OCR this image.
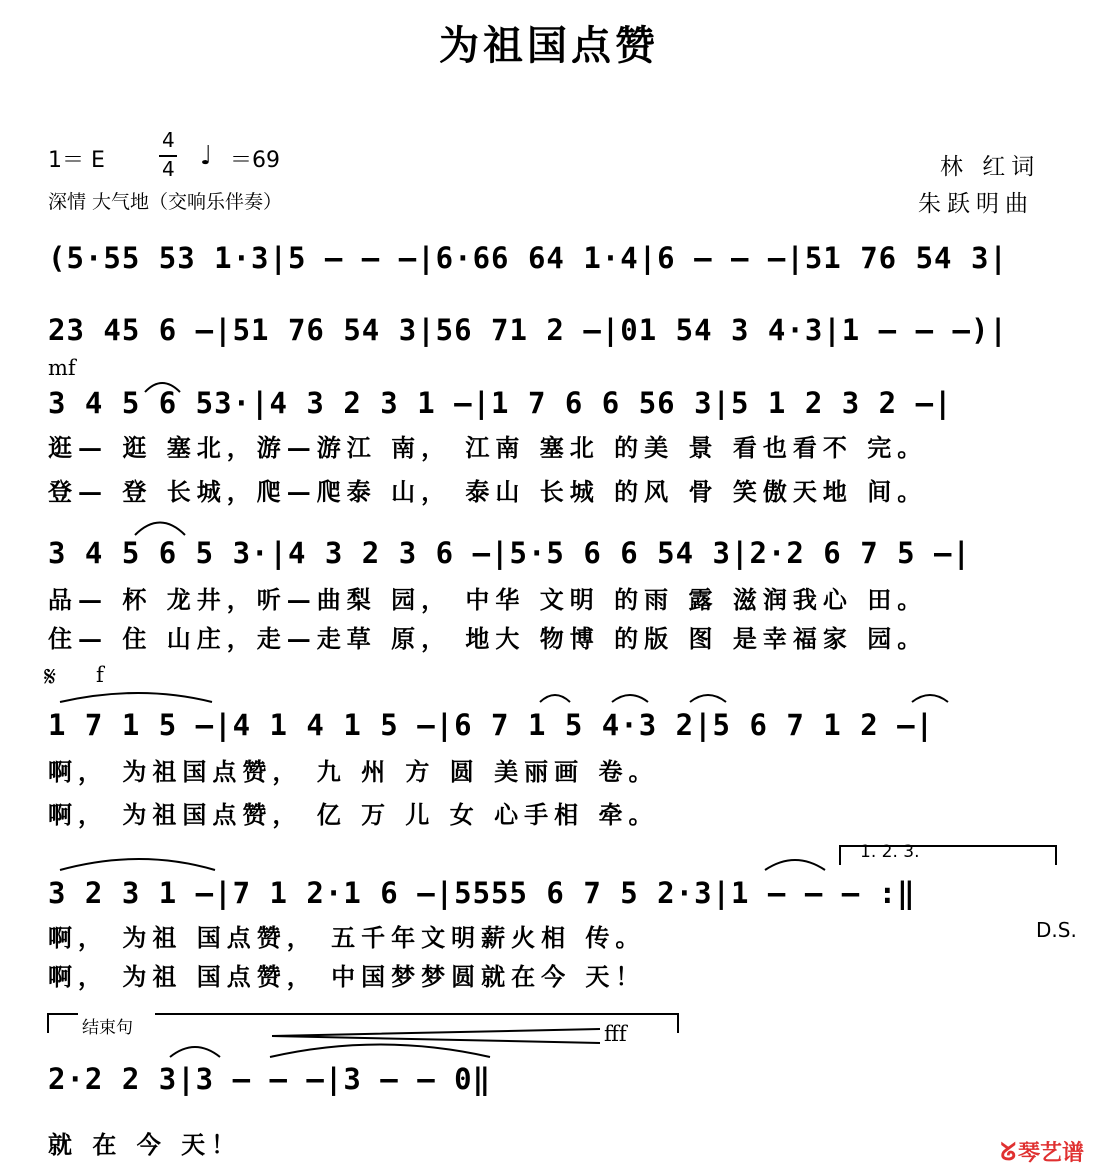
为祖国点赞
1＝ E
4
4 ♩ ＝69
深情 大气地（交响乐伴奏）
林 红词
朱跃明曲
(5·55 53 1·3|5 – – –|6·66 64 1·4|6 – – –|51 76 54 3|
23 45 6 –|51 76 54 3|56 71 2 –|01 54 3 4·3|1 – – –)|
mf
3 4 5 6 53·|4 3 2 3 1 –|1 7 6 6 56 3|5 1 2 3 2 –|
逛— 逛 塞北，游—游江 南， 江南 塞北 的美 景 看也看不 完。
登— 登 长城，爬—爬泰 山， 泰山 长城 的风 骨 笑傲天地 间。
3 4 5 6 5 3·|4 3 2 3 6 –|5·5 6 6 54 3|2·2 6 7 5 –|
品— 杯 龙井，听—曲梨 园， 中华 文明 的雨 露 滋润我心 田。
住— 住 山庄，走—走草 原， 地大 物博 的版 图 是幸福家 园。
𝄋 f
1 7 1 5 –|4 1 4 1 5 –|6 7 1 5 4·3 2|5 6 7 1 2 –|
啊， 为祖国点赞， 九 州 方 圆 美丽画 卷。
啊， 为祖国点赞， 亿 万 儿 女 心手相 牵。
1. 2. 3.
3 2 3 1 –|7 1 2·1 6 –|5555 6 7 5 2·3|1 – – – :‖
D.S.
啊， 为祖 国点赞， 五千年文明薪火相 传。
啊， 为祖 国点赞， 中国梦梦圆就在今 天！
结束句	fff
2·2 2 3|3 – – –|3 – – 0‖
就 在 今 天！	ᘜ琴艺谱
